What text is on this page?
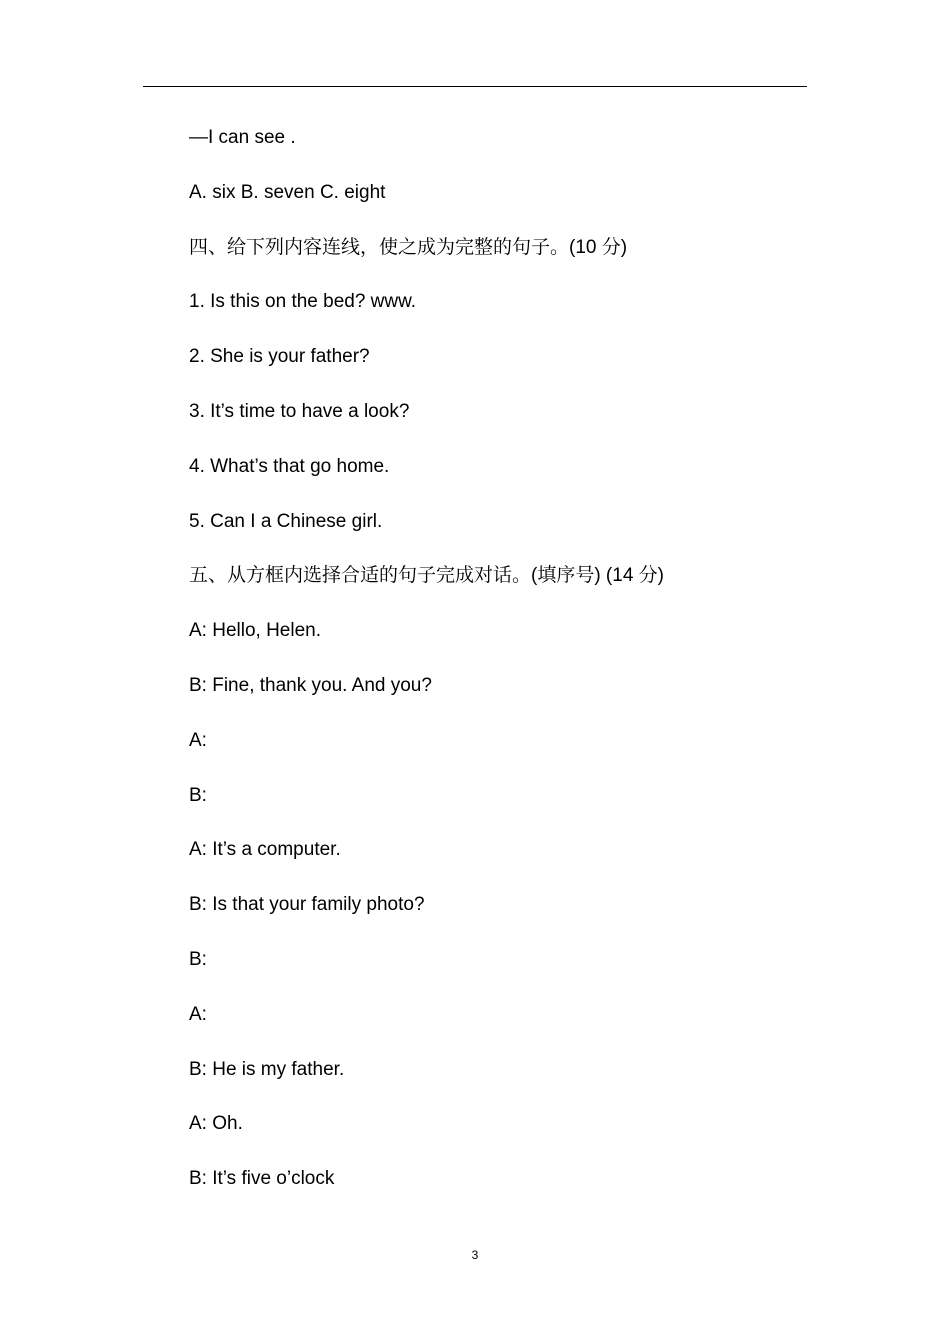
—I can see .
A. six B. seven C. eight
四、给下列内容连线，使之成为完整的句子。(10 分)
1. Is this on the bed? www.
2. She is your father?
3. It’s time to have a look?
4. What’s that go home.
5. Can I a Chinese girl.
五、从方框内选择合适的句子完成对话。(填序号) (14 分)
A: Hello, Helen.
B: Fine, thank you. And you?
A:
B:
A: It’s a computer.
B: Is that your family photo?
B:
A:
B: He is my father.
A: Oh.
B: It’s five o’clock
3
